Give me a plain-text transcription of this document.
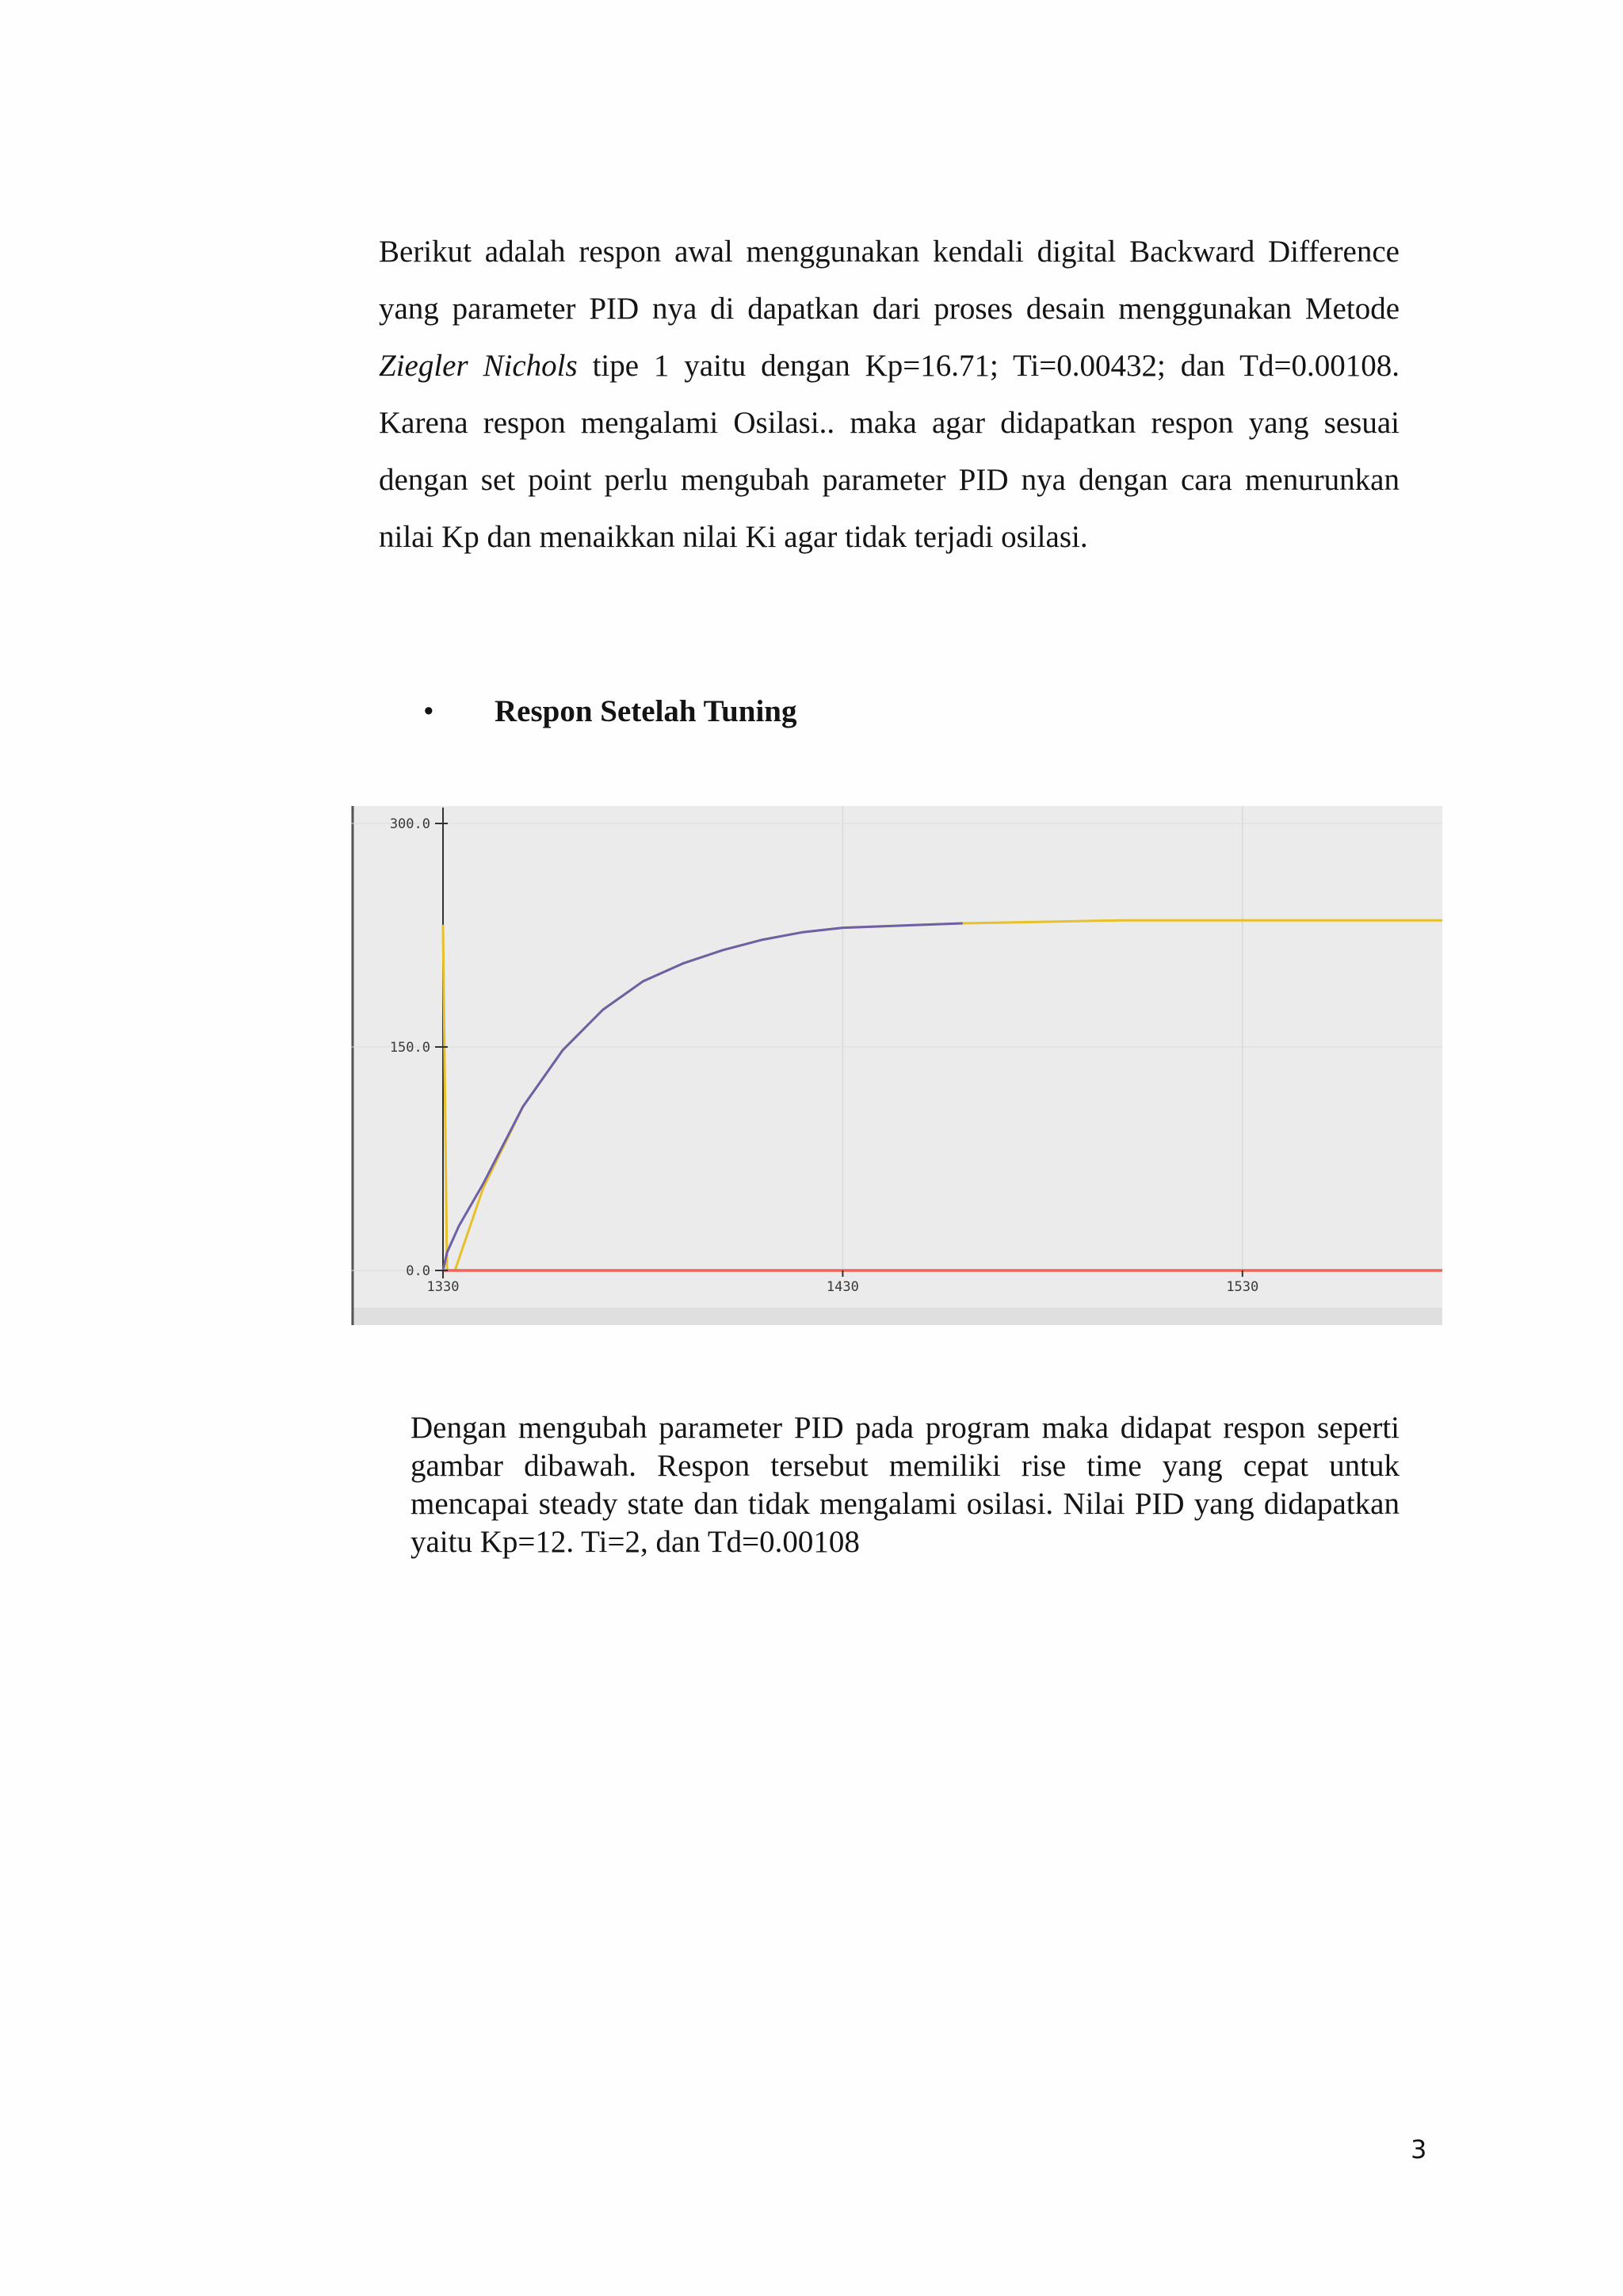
Berikut adalah respon awal menggunakan kendali digital Backward Difference yang parameter PID nya di dapatkan dari proses desain menggunakan Metode Ziegler Nichols tipe 1 yaitu dengan Kp=16.71; Ti=0.00432; dan Td=0.00108. Karena respon mengalami Osilasi.. maka agar didapatkan respon yang sesuai dengan set point perlu mengubah parameter PID nya dengan cara menurunkan nilai Kp dan menaikkan nilai Ki agar tidak terjadi osilasi.

• Respon Setelah Tuning
0.0
150.0
300.0
1330	1430	1530

Dengan mengubah parameter PID pada program maka didapat respon seperti gambar dibawah. Respon tersebut memiliki rise time yang cepat untuk mencapai steady state dan tidak mengalami osilasi. Nilai PID yang didapatkan yaitu Kp=12. Ti=2, dan Td=0.00108

3
